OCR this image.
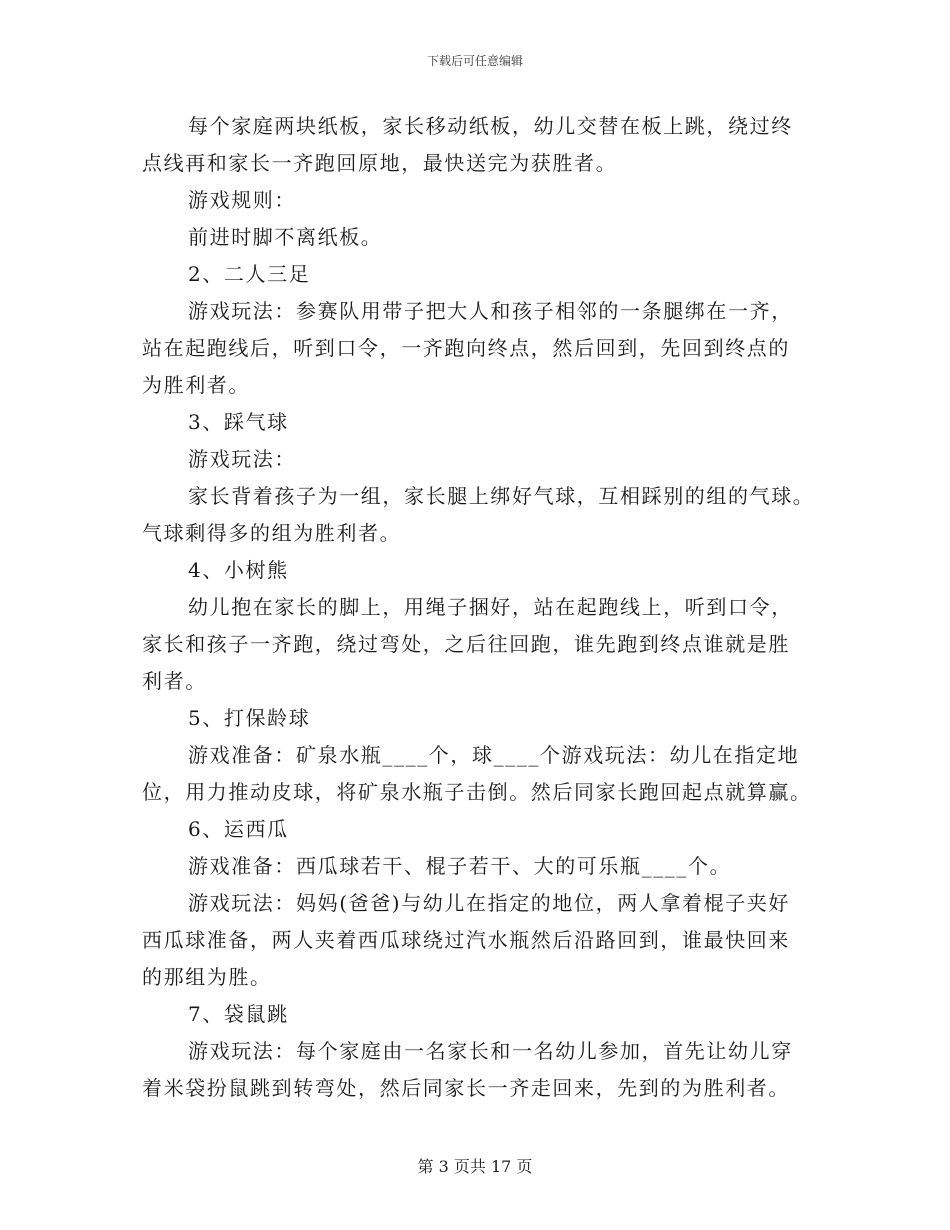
下载后可任意编辑
每个家庭两块纸板，家长移动纸板，幼儿交替在板上跳，绕过终
点线再和家长一齐跑回原地，最快送完为获胜者。
游戏规则：
前进时脚不离纸板。
2、二人三足
游戏玩法：参赛队用带子把大人和孩子相邻的一条腿绑在一齐，
站在起跑线后，听到口令，一齐跑向终点，然后回到，先回到终点的
为胜利者。
3、踩气球
游戏玩法：
家长背着孩子为一组，家长腿上绑好气球，互相踩别的组的气球。
气球剩得多的组为胜利者。
4、小树熊
幼儿抱在家长的脚上，用绳子捆好，站在起跑线上，听到口令，
家长和孩子一齐跑，绕过弯处，之后往回跑，谁先跑到终点谁就是胜
利者。
5、打保龄球
游戏准备：矿泉水瓶____个，球____个游戏玩法：幼儿在指定地
位，用力推动皮球，将矿泉水瓶子击倒。然后同家长跑回起点就算赢。
6、运西瓜
游戏准备：西瓜球若干、棍子若干、大的可乐瓶____个。
游戏玩法：妈妈(爸爸)与幼儿在指定的地位，两人拿着棍子夹好
西瓜球准备，两人夹着西瓜球绕过汽水瓶然后沿路回到，谁最快回来
的那组为胜。
7、袋鼠跳
游戏玩法：每个家庭由一名家长和一名幼儿参加，首先让幼儿穿
着米袋扮鼠跳到转弯处，然后同家长一齐走回来，先到的为胜利者。
第 3 页共 17 页
